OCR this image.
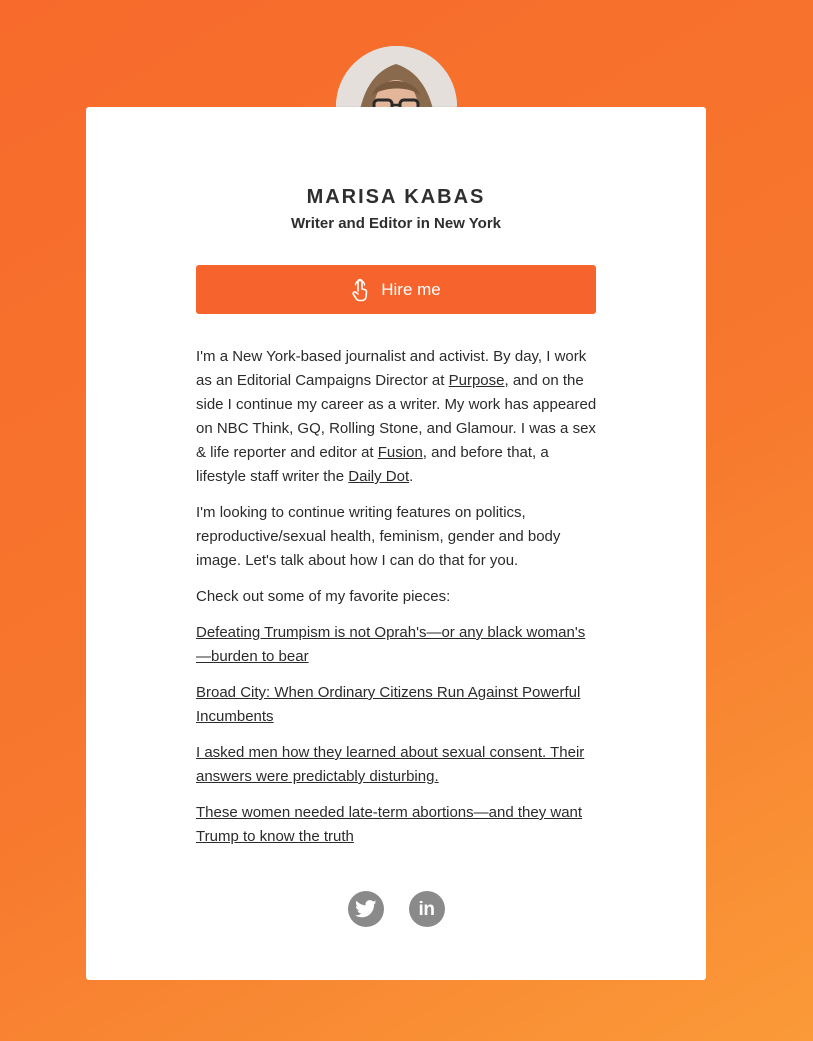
MARISA KABAS
Writer and Editor in New York
Hire me

I'm a New York-based journalist and activist. By day, I work as an Editorial Campaigns Director at Purpose, and on the side I continue my career as a writer. My work has appeared on NBC Think, GQ, Rolling Stone, and Glamour. I was a sex & life reporter and editor at Fusion, and before that, a lifestyle staff writer the Daily Dot.

I'm looking to continue writing features on politics, reproductive/sexual health, feminism, gender and body image. Let's talk about how I can do that for you.

Check out some of my favorite pieces:

Defeating Trumpism is not Oprah's—or any black woman's—burden to bear

Broad City: When Ordinary Citizens Run Against Powerful Incumbents

I asked men how they learned about sexual consent. Their answers were predictably disturbing.

These women needed late-term abortions—and they want Trump to know the truth

in
